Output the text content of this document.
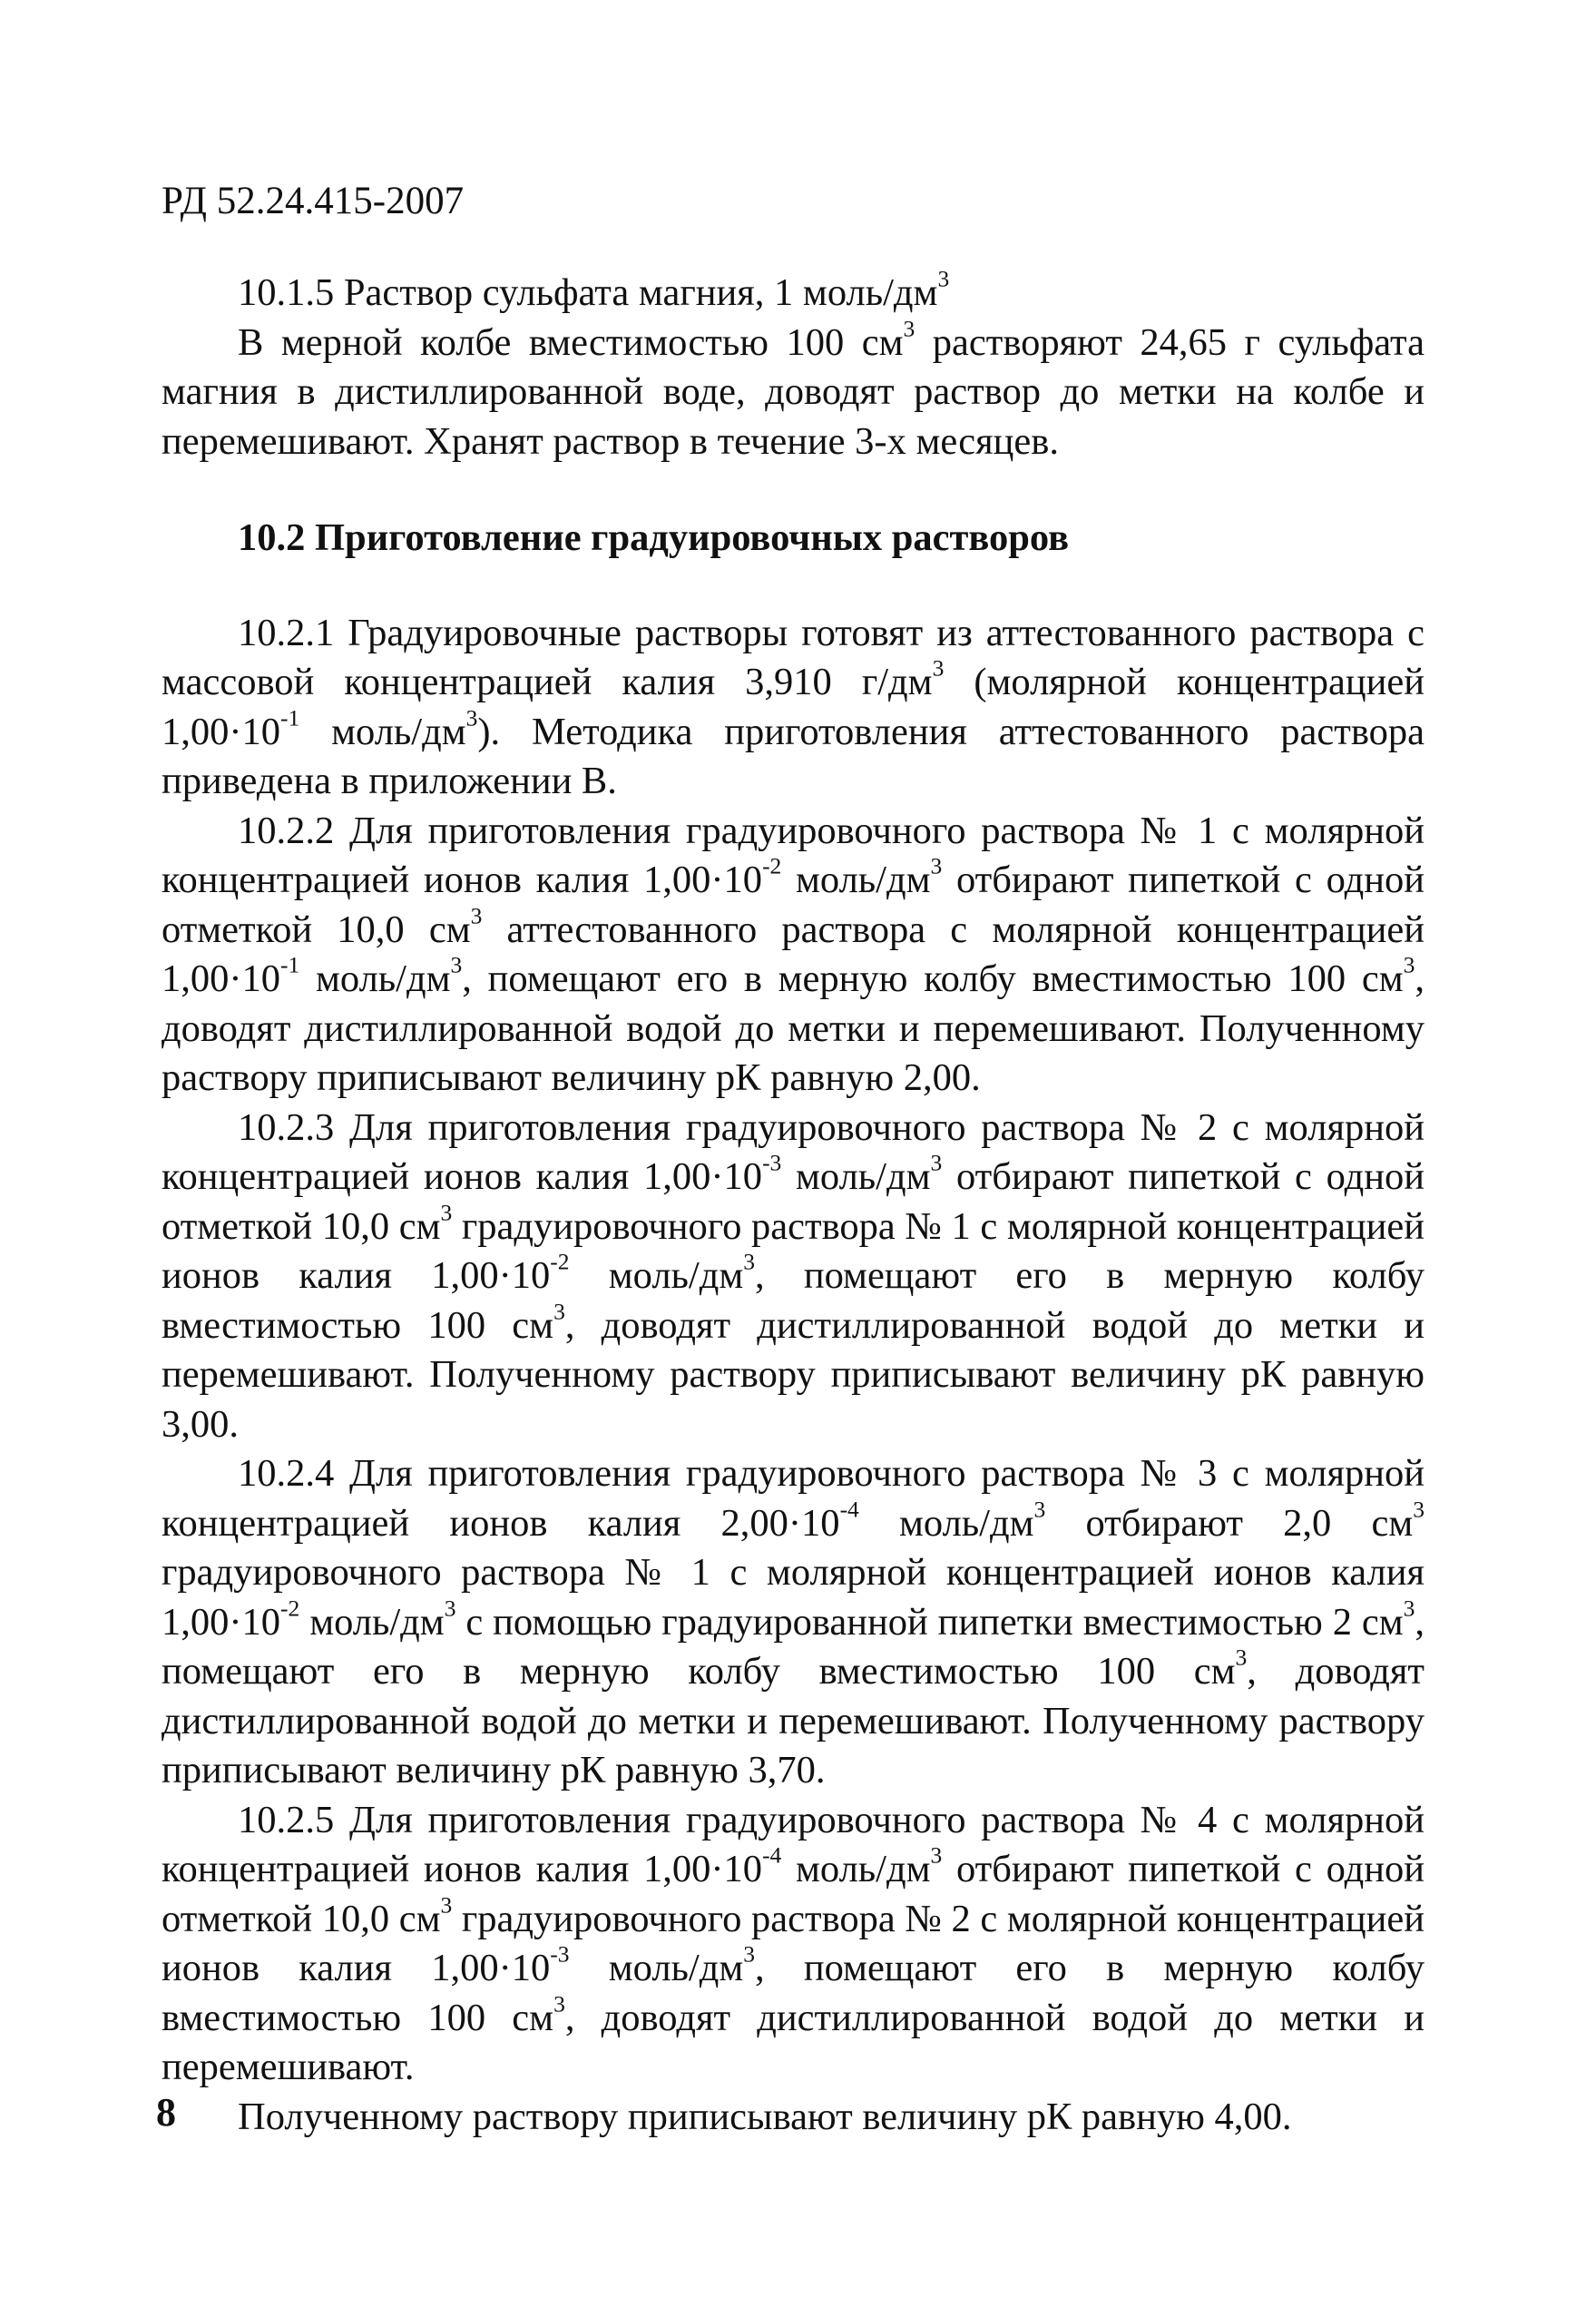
РД 52.24.415-2007

10.1.5 Раствор сульфата магния, 1 моль/$дм^3$

В мерной колбе вместимостью 100 $см^3$ растворяют 24,65 г сульфата магния в дистиллированной воде, доводят раствор до метки на колбе и перемешивают. Хранят раствор в течение 3-х месяцев.

10.2 Приготовление градуировочных растворов

10.2.1 Градуировочные растворы готовят из аттестованного раствора с массовой концентрацией калия 3,910 $г/дм^3$ (молярной концентрацией $1,00\cdot 10^{-1}$ моль/$дм^3$). Методика приготовления аттестованного раствора приведена в приложении В.

10.2.2 Для приготовления градуировочного раствора № 1 с молярной концентрацией ионов калия $1,00\cdot 10^{-2}$ моль/$дм^3$ отбирают пипеткой с одной отметкой 10,0 $см^3$ аттестованного раствора с молярной концентрацией $1,00\cdot 10^{-1}$ моль/$дм^3$, помещают его в мерную колбу вместимостью 100 $см^3$, доводят дистиллированной водой до метки и перемешивают. Полученному раствору приписывают величину рК равную 2,00.

10.2.3 Для приготовления градуировочного раствора № 2 с молярной концентрацией ионов калия $1,00\cdot 10^{-3}$ моль/$дм^3$ отбирают пипеткой с одной отметкой 10,0 $см^3$ градуировочного раствора № 1 с молярной концентрацией ионов калия $1,00\cdot 10^{-2}$ моль/$дм^3$, помещают его в мерную колбу вместимостью 100 $см^3$, доводят дистиллированной водой до метки и перемешивают. Полученному раствору приписывают величину рК равную 3,00.

10.2.4 Для приготовления градуировочного раствора № 3 с молярной концентрацией ионов калия $2,00\cdot 10^{-4}$ моль/$дм^3$ отбирают 2,0 $см^3$ градуировочного раствора № 1 с молярной концентрацией ионов калия $1,00\cdot 10^{-2}$ моль/$дм^3$ с помощью градуированной пипетки вместимостью 2 $см^3$, помещают его в мерную колбу вместимостью 100 $см^3$, доводят дистиллированной водой до метки и перемешивают. Полученному раствору приписывают величину рК равную 3,70.

10.2.5 Для приготовления градуировочного раствора № 4 с молярной концентрацией ионов калия $1,00\cdot 10^{-4}$ моль/$дм^3$ отбирают пипеткой с одной отметкой 10,0 $см^3$ градуировочного раствора № 2 с молярной концентрацией ионов калия $1,00\cdot 10^{-3}$ моль/$дм^3$, помещают его в мерную колбу вместимостью 100 $см^3$, доводят дистиллированной водой до метки и перемешивают.

Полученному раствору приписывают величину рК равную 4,00.

8
